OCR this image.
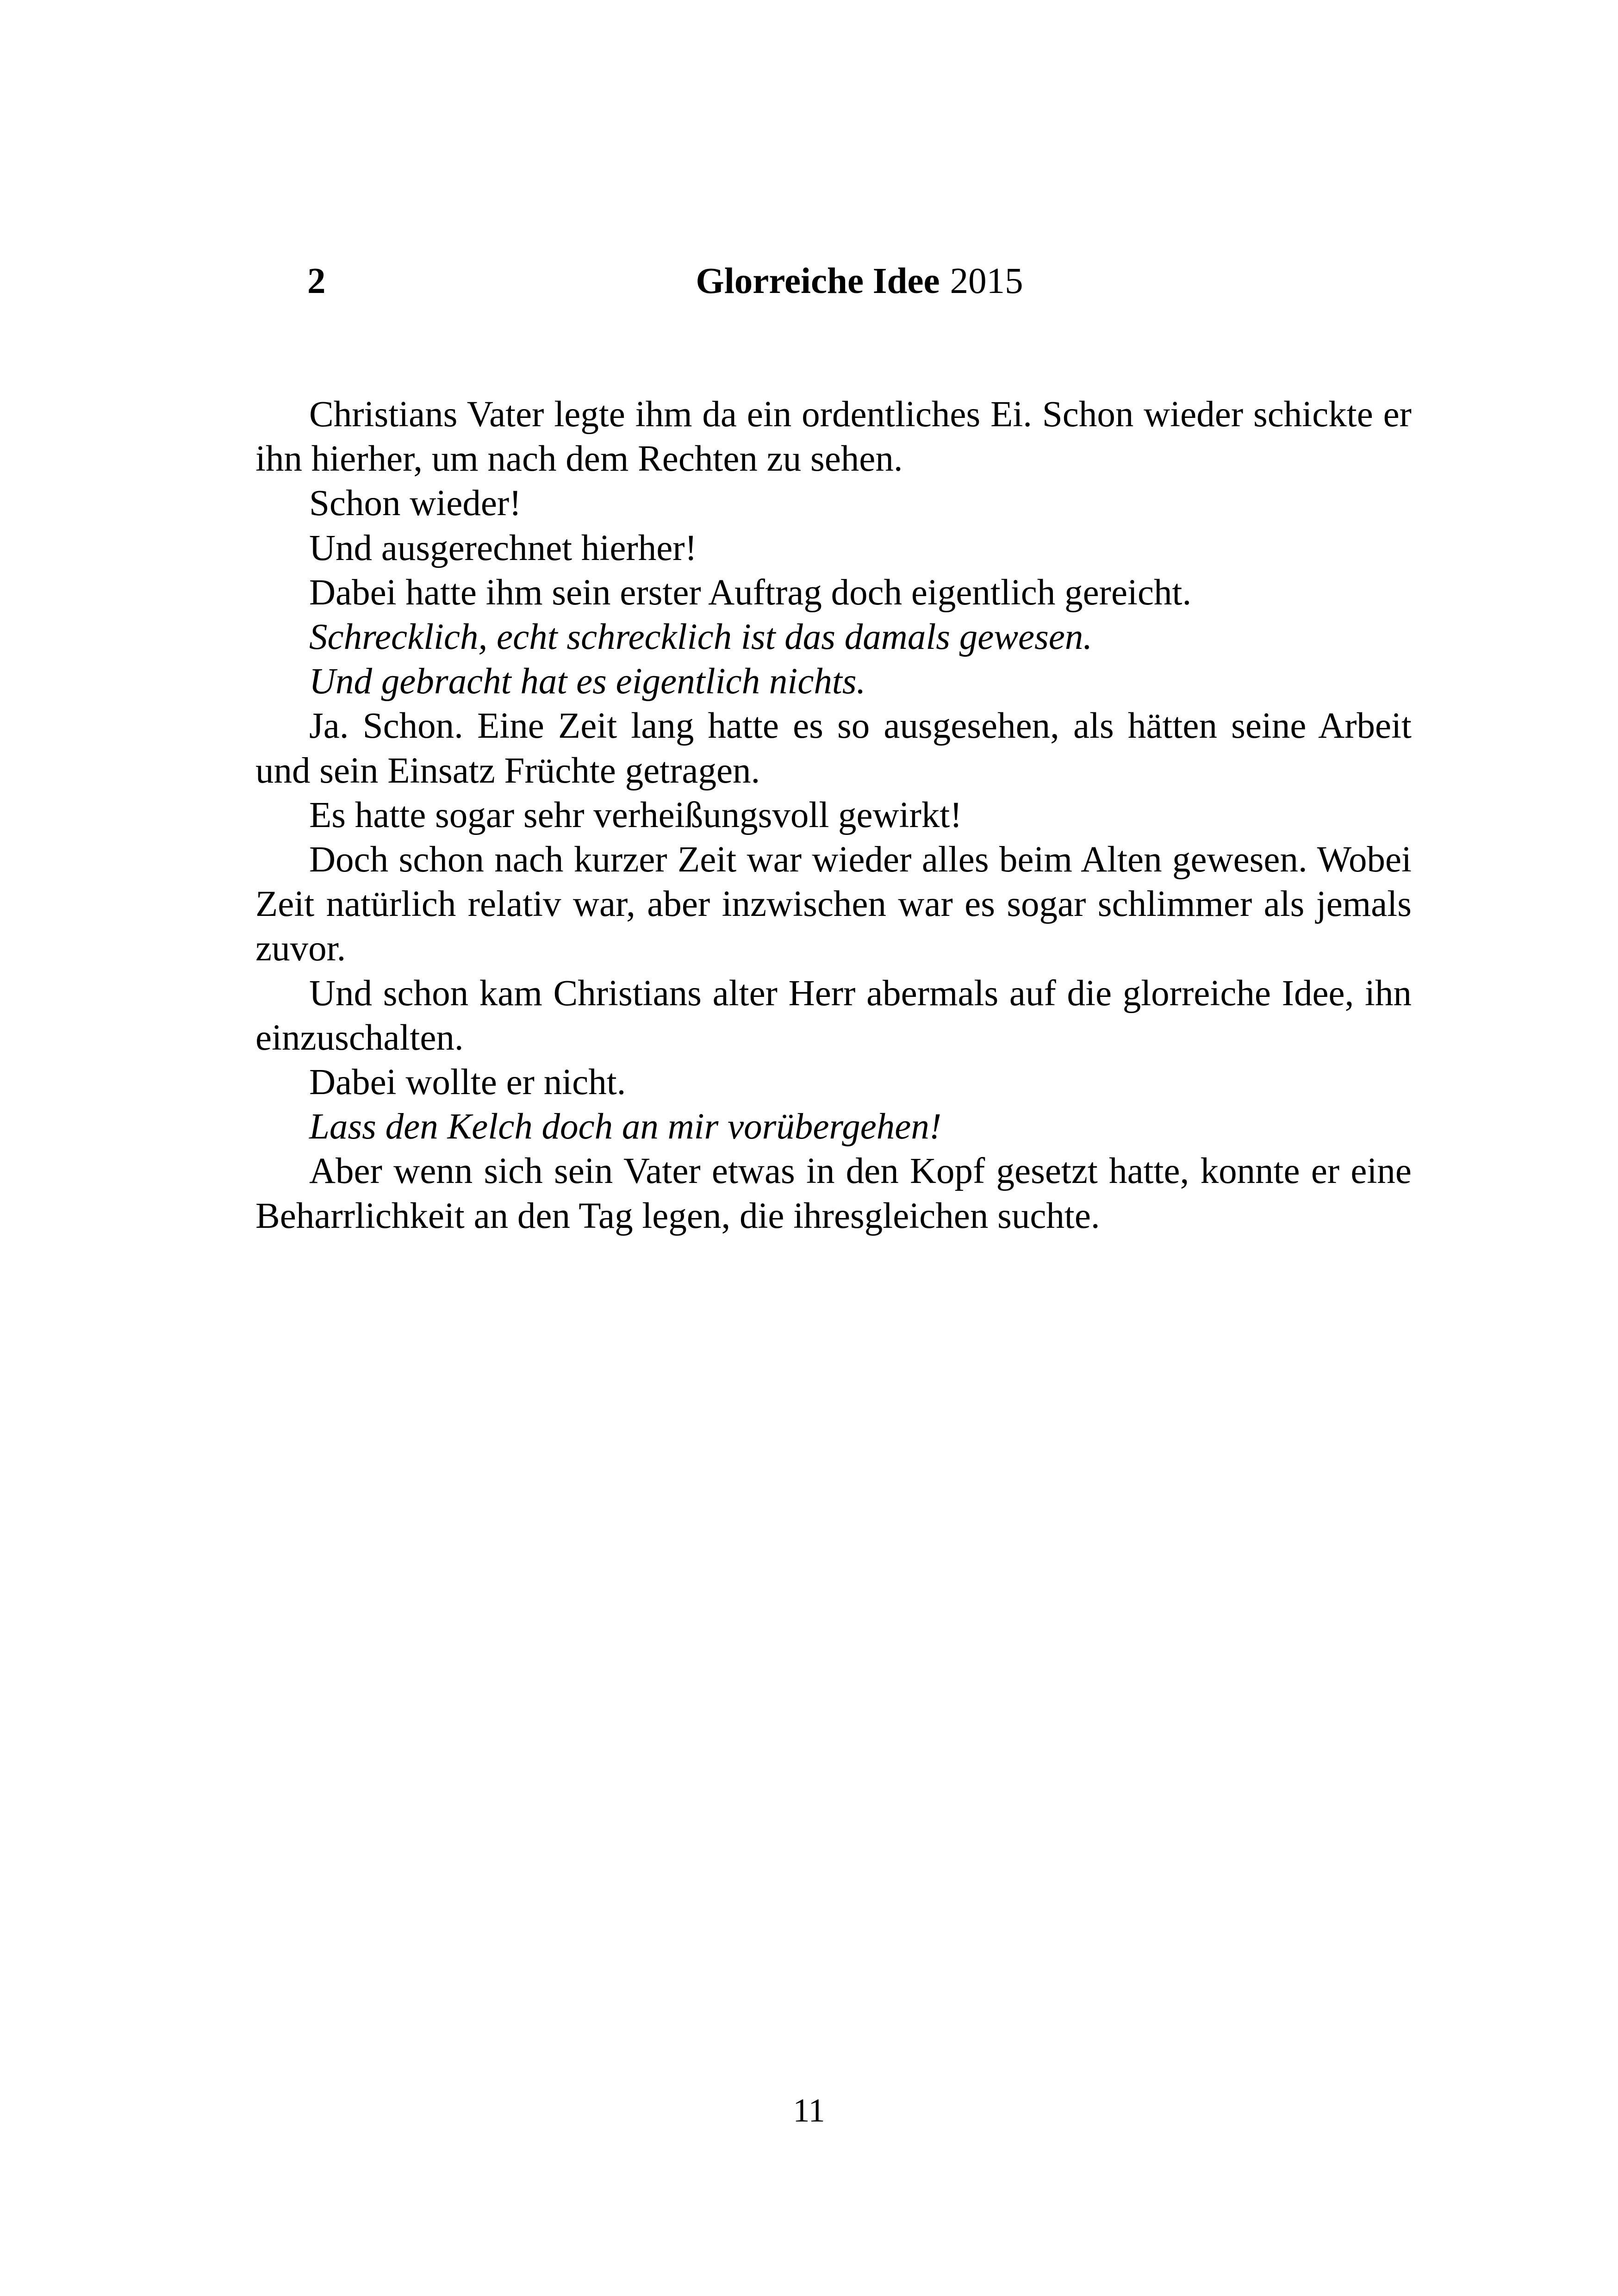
2	Glorreiche Idee 2015

Christians Vater legte ihm da ein ordentliches Ei. Schon wieder schickte er ihn hierher, um nach dem Rechten zu sehen.

Schon wieder!

Und ausgerechnet hierher!

Dabei hatte ihm sein erster Auftrag doch eigentlich gereicht.

Schrecklich, echt schrecklich ist das damals gewesen.

Und gebracht hat es eigentlich nichts.

Ja. Schon. Eine Zeit lang hatte es so ausgesehen, als hätten seine Arbeit und sein Einsatz Früchte getragen.

Es hatte sogar sehr verheißungsvoll gewirkt!

Doch schon nach kurzer Zeit war wieder alles beim Alten gewesen. Wobei Zeit natürlich relativ war, aber inzwischen war es sogar schlimmer als jemals zuvor.

Und schon kam Christians alter Herr abermals auf die glorreiche Idee, ihn einzuschalten.

Dabei wollte er nicht.

Lass den Kelch doch an mir vorübergehen!

Aber wenn sich sein Vater etwas in den Kopf gesetzt hatte, konnte er eine Beharrlichkeit an den Tag legen, die ihresgleichen suchte.

11
